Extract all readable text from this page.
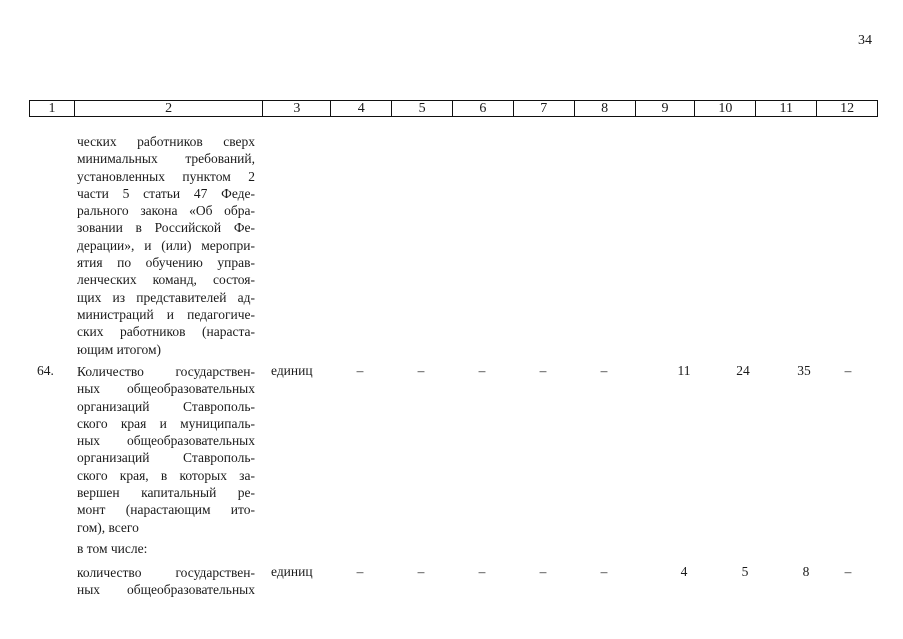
34
1	2	3	4	5	6	7	8	9	10	11	12
ческих работников сверх
минимальных требований,
установленных пунктом 2
части 5 статьи 47 Феде-
рального закона «Об обра-
зовании в Российской Фе-
дерации», и (или) меропри-
ятия по обучению управ-
ленческих команд, состоя-
щих из представителей ад-
министраций и педагогиче-
ских работников (нараста-
ющим итогом)
64. Количество государствен-
ных общеобразовательных
организаций Ставрополь-
ского края и муниципаль-
ных общеобразовательных
организаций Ставрополь-
ского края, в которых за-
вершен капитальный ре-
монт (нарастающим ито-
гом), всего
единиц	–	–	–	–	–	11	24	35	–
в том числе:
количество государствен-
ных общеобразовательных
единиц	–	–	–	–	–	4	5	8	–
